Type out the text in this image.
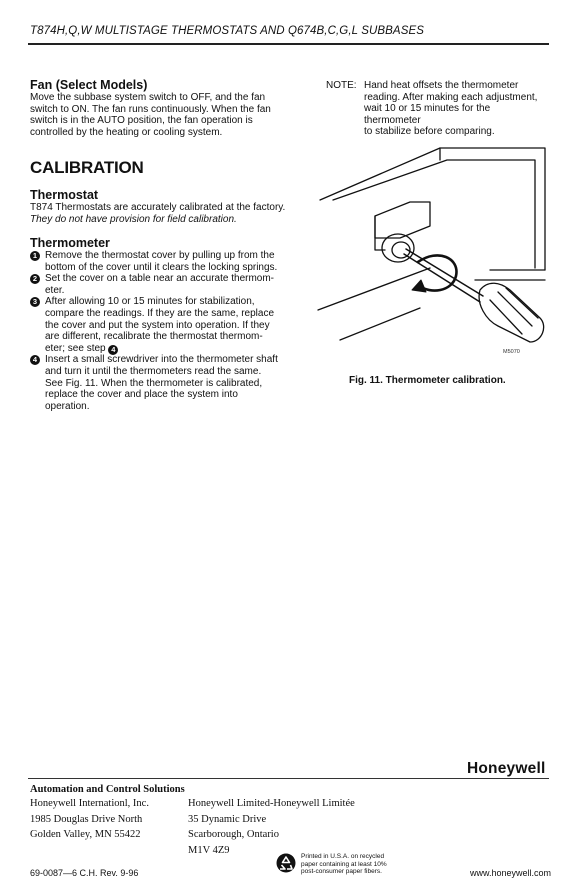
T874H,Q,W MULTISTAGE THERMOSTATS AND Q674B,C,G,L SUBBASES
Fan (Select Models)
Move the subbase system switch to OFF, and the fan
switch to ON. The fan runs continuously. When the fan
switch is in the AUTO position, the fan operation is
controlled by the heating or cooling system.
CALIBRATION
Thermostat
T874 Thermostats are accurately calibrated at the factory.
They do not have provision for field calibration.
Thermometer
1 Remove the thermostat cover by pulling up from the
bottom of the cover until it clears the locking springs.
2 Set the cover on a table near an accurate thermom-
eter.
3 After allowing 10 or 15 minutes for stabilization,
compare the readings. If they are the same, replace
the cover and put the system into operation. If they
are different, recalibrate the thermostat thermom-
eter; see step 4
4 Insert a small screwdriver into the thermometer shaft
and turn it until the thermometers read the same.
See Fig. 11. When the thermometer is calibrated,
replace the cover and place the system into
operation.
NOTE: Hand heat offsets the thermometer
reading. After making each adjustment,
wait 10 or 15 minutes for the thermometer
to stabilize before comparing.
M5070
Fig. 11. Thermometer calibration.
Honeywell
Automation and Control Solutions
Honeywell Internationl, Inc.
1985 Douglas Drive North
Golden Valley, MN 55422
Honeywell Limited-Honeywell Limitée
35 Dynamic Drive
Scarborough, Ontario
M1V 4Z9
69-0087—6 C.H. Rev. 9-96
Printed in U.S.A. on recycled
paper containing at least 10%
post-consumer paper fibers.	www.honeywell.com
